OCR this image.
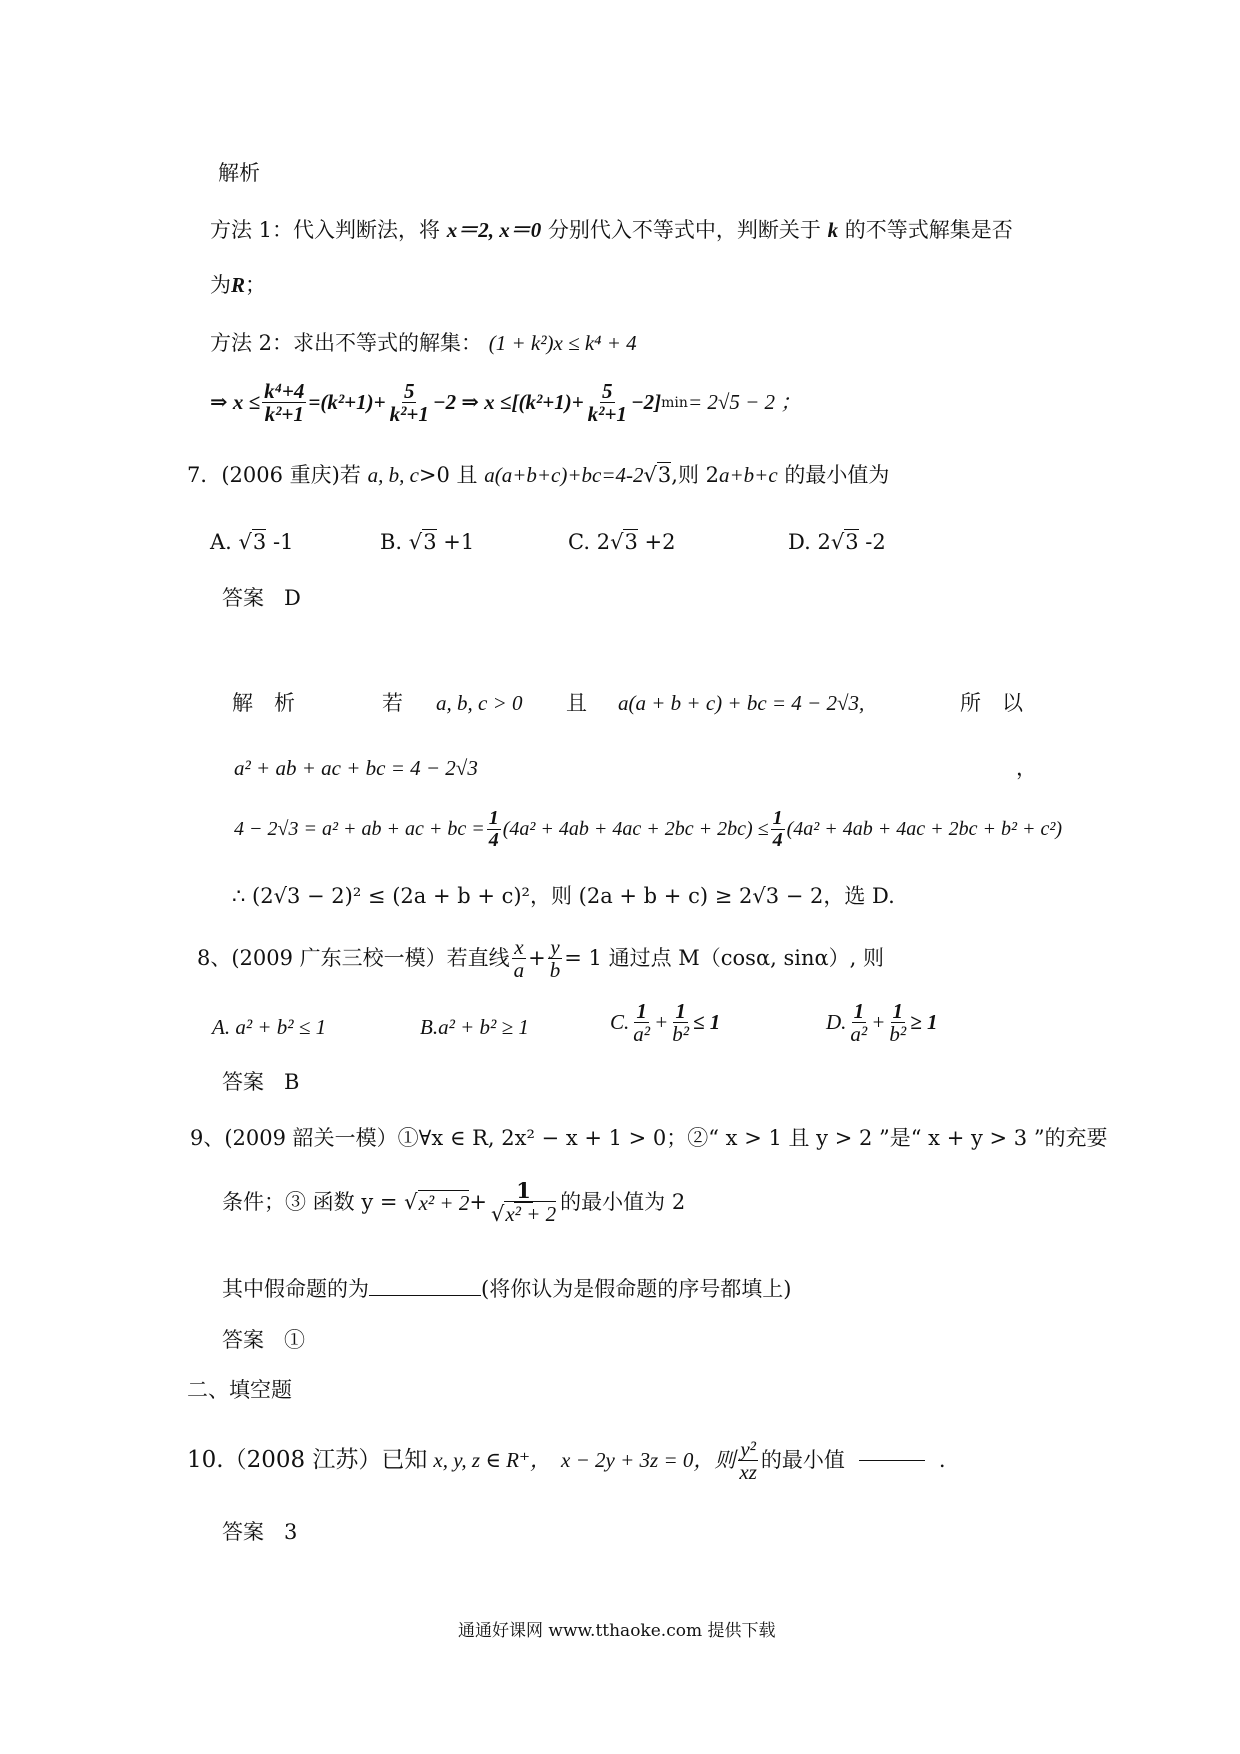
解析
方法 1：代入判断法，将 x＝2, x＝0 分别代入不等式中，判断关于 k 的不等式解集是否
为R；
方法 2：求出不等式的解集： (1 + k²)x ≤ k⁴ + 4
⇒ $x \le \frac{\text{k⁴+4}}{\text{k²+1}} =(k^2+1)+ \frac{5}{\text{k²+1}} -2$ ⇒ $x \le[(k^2+1)+ \frac{5}{\text{k²+1}} -2]$ min = 2√5 − 2 ；
7．(2006 重庆)若 a, b, c>0 且 a(a+b+c)+bc=4-2√3,则 2a+b+c 的最小值为
A. √3 -1	B. √3 +1	C. 2√3 +2	D. 2√3 -2
答案 D
解　析	若 a, b, c > 0 且 a(a + b + c) + bc = 4 − 2√3,	所　以
a² + ab + ac + bc = 4 − 2√3	，
4 − 2√3 = a² + ab + ac + bc = $\frac{1}{4} (4a^2 + 4ab + 4ac + 2bc + 2bc) \le \frac{1}{4} (4a^2 + 4ab + 4ac + 2bc + b^2 + c^2)$
∴ (2√3 − 2)² ≤ (2a + b + c)²，则 (2a + b + c) ≥ 2√3 − 2，选 D.
8、(2009 广东三校一模）若直线 $\frac{x}{a} + \frac{y}{b} = 1$ 通过点 M（cosα, sinα）, 则
A. a² + b² ≤ 1	B.a² + b² ≥ 1	C. $\frac{1}{\text{a²}} + \frac{1}{\text{b²}} \le 1$	D. $\frac{1}{\text{a²}} + \frac{1}{\text{b²}} \ge 1$
答案 B
9、(2009 韶关一模）①∀x ∈ R, 2x² − x + 1 > 0；②“ x > 1 且 y > 2 ”是“ x + y > 3 ”的充要
条件；③ 函数 y = √ $x^2 + 2 + \frac{1}{\text{√x² + 2}}$ 的最小值为 2
其中假命题的为	(将你认为是假命题的序号都填上)
答案 ①
二、填空题
10.（2008 江苏）已知 x, y, z ∈ R⁺， x − 2y + 3z = 0，则 $\frac{\text{y²}}{xz}$ 的最小值	.
答案 3
通通好课网 www.tthaoke.com 提供下载
